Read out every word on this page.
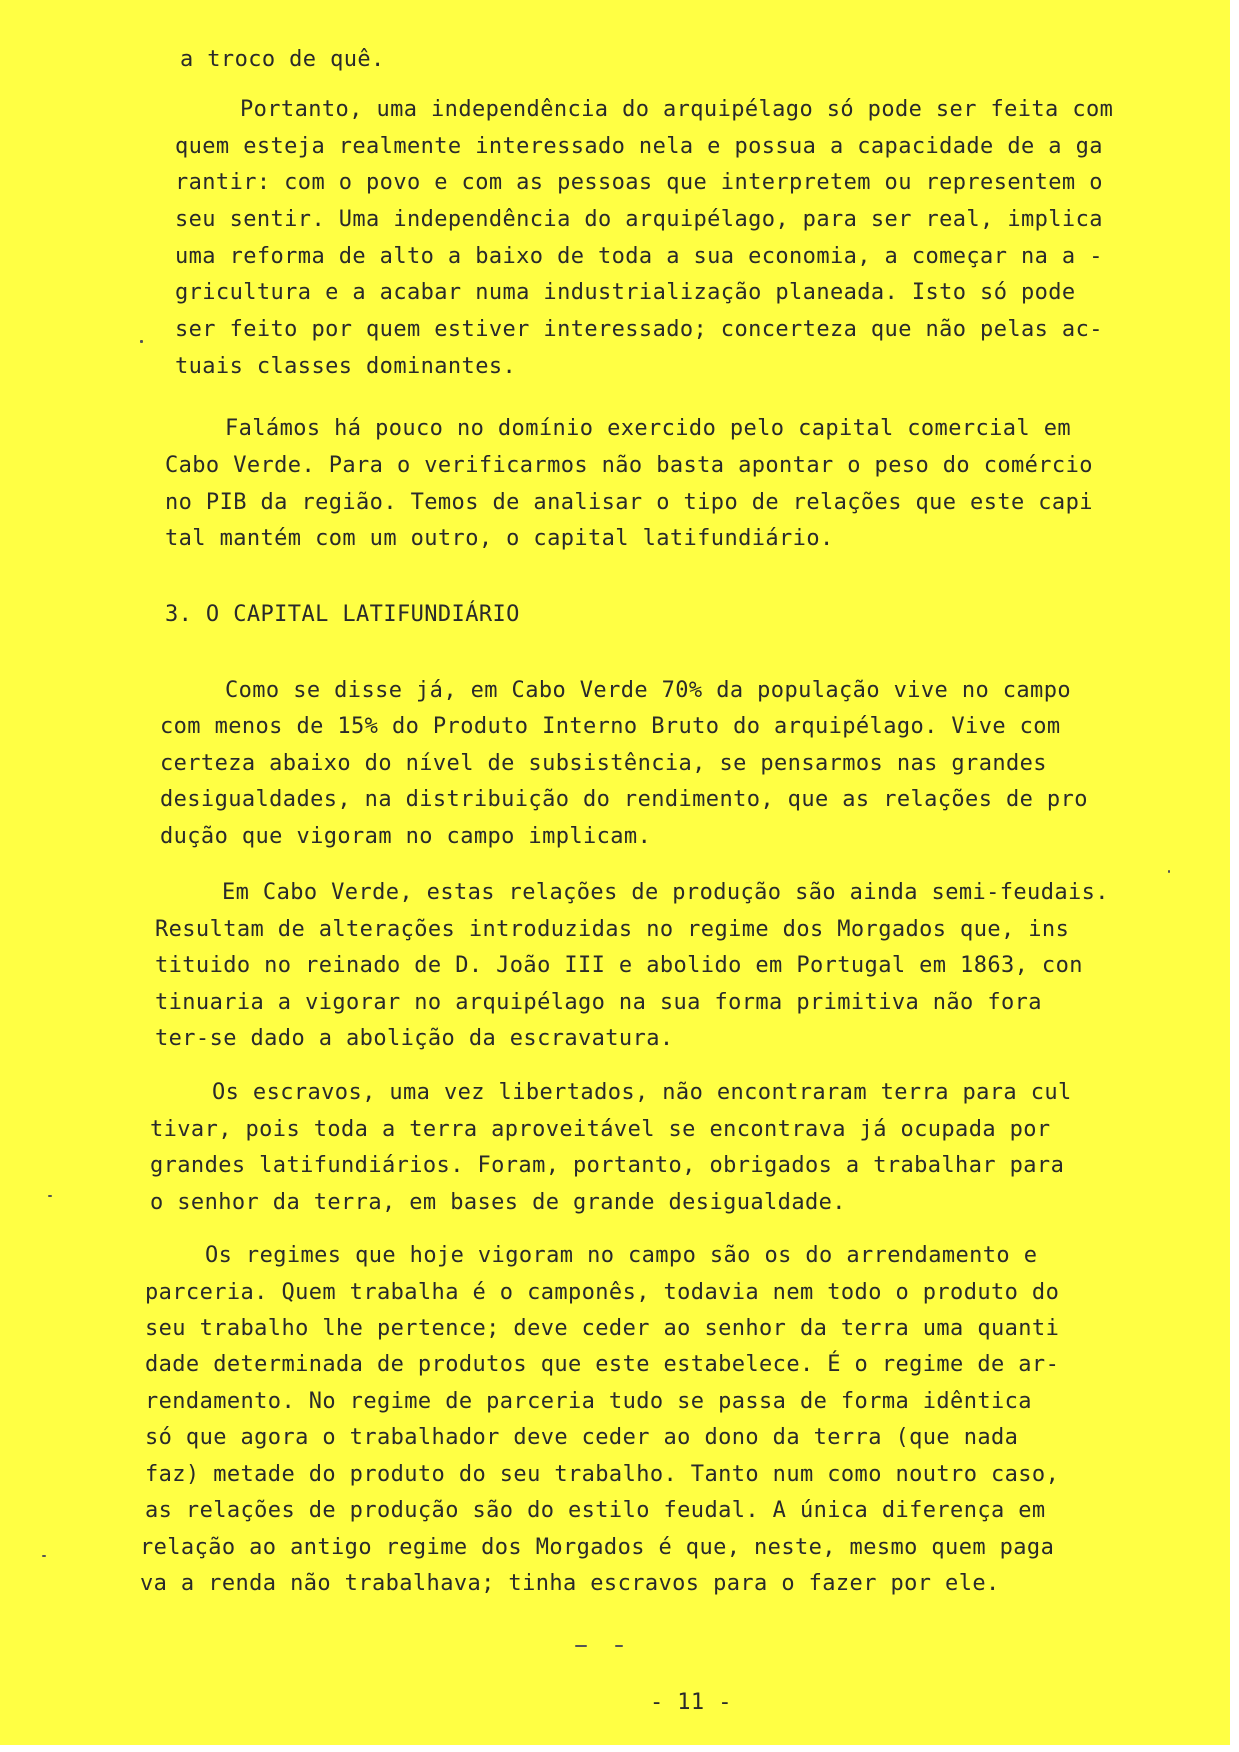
a troco de quê.
Portanto, uma independência do arquipélago só pode ser feita com
quem esteja realmente interessado nela e possua a capacidade de a ga
rantir: com o povo e com as pessoas que interpretem ou representem o
seu sentir. Uma independência do arquipélago, para ser real, implica
uma reforma de alto a baixo de toda a sua economia, a começar na a -
gricultura e a acabar numa industrialização planeada. Isto só pode
ser feito por quem estiver interessado; concerteza que não pelas ac-
tuais classes dominantes.
Falámos há pouco no domínio exercido pelo capital comercial em
Cabo Verde. Para o verificarmos não basta apontar o peso do comércio
no PIB da região. Temos de analisar o tipo de relações que este capi
tal mantém com um outro, o capital latifundiário.
3. O CAPITAL LATIFUNDIÁRIO
Como se disse já, em Cabo Verde 70% da população vive no campo
com menos de 15% do Produto Interno Bruto do arquipélago. Vive com
certeza abaixo do nível de subsistência, se pensarmos nas grandes
desigualdades, na distribuição do rendimento, que as relações de pro
dução que vigoram no campo implicam.
Em Cabo Verde, estas relações de produção são ainda semi-feudais.
Resultam de alterações introduzidas no regime dos Morgados que, ins
tituido no reinado de D. João III e abolido em Portugal em 1863, con
tinuaria a vigorar no arquipélago na sua forma primitiva não fora
ter-se dado a abolição da escravatura.
Os escravos, uma vez libertados, não encontraram terra para cul
tivar, pois toda a terra aproveitável se encontrava já ocupada por
grandes latifundiários. Foram, portanto, obrigados a trabalhar para
o senhor da terra, em bases de grande desigualdade.
Os regimes que hoje vigoram no campo são os do arrendamento e
parceria. Quem trabalha é o camponês, todavia nem todo o produto do
seu trabalho lhe pertence; deve ceder ao senhor da terra uma quanti
dade determinada de produtos que este estabelece. É o regime de ar-
rendamento. No regime de parceria tudo se passa de forma idêntica
só que agora o trabalhador deve ceder ao dono da terra (que nada
faz) metade do produto do seu trabalho. Tanto num como noutro caso,
as relações de produção são do estilo feudal. A única diferença em
relação ao antigo regime dos Morgados é que, neste, mesmo quem paga
va a renda não trabalhava; tinha escravos para o fazer por ele.
- 11 -
